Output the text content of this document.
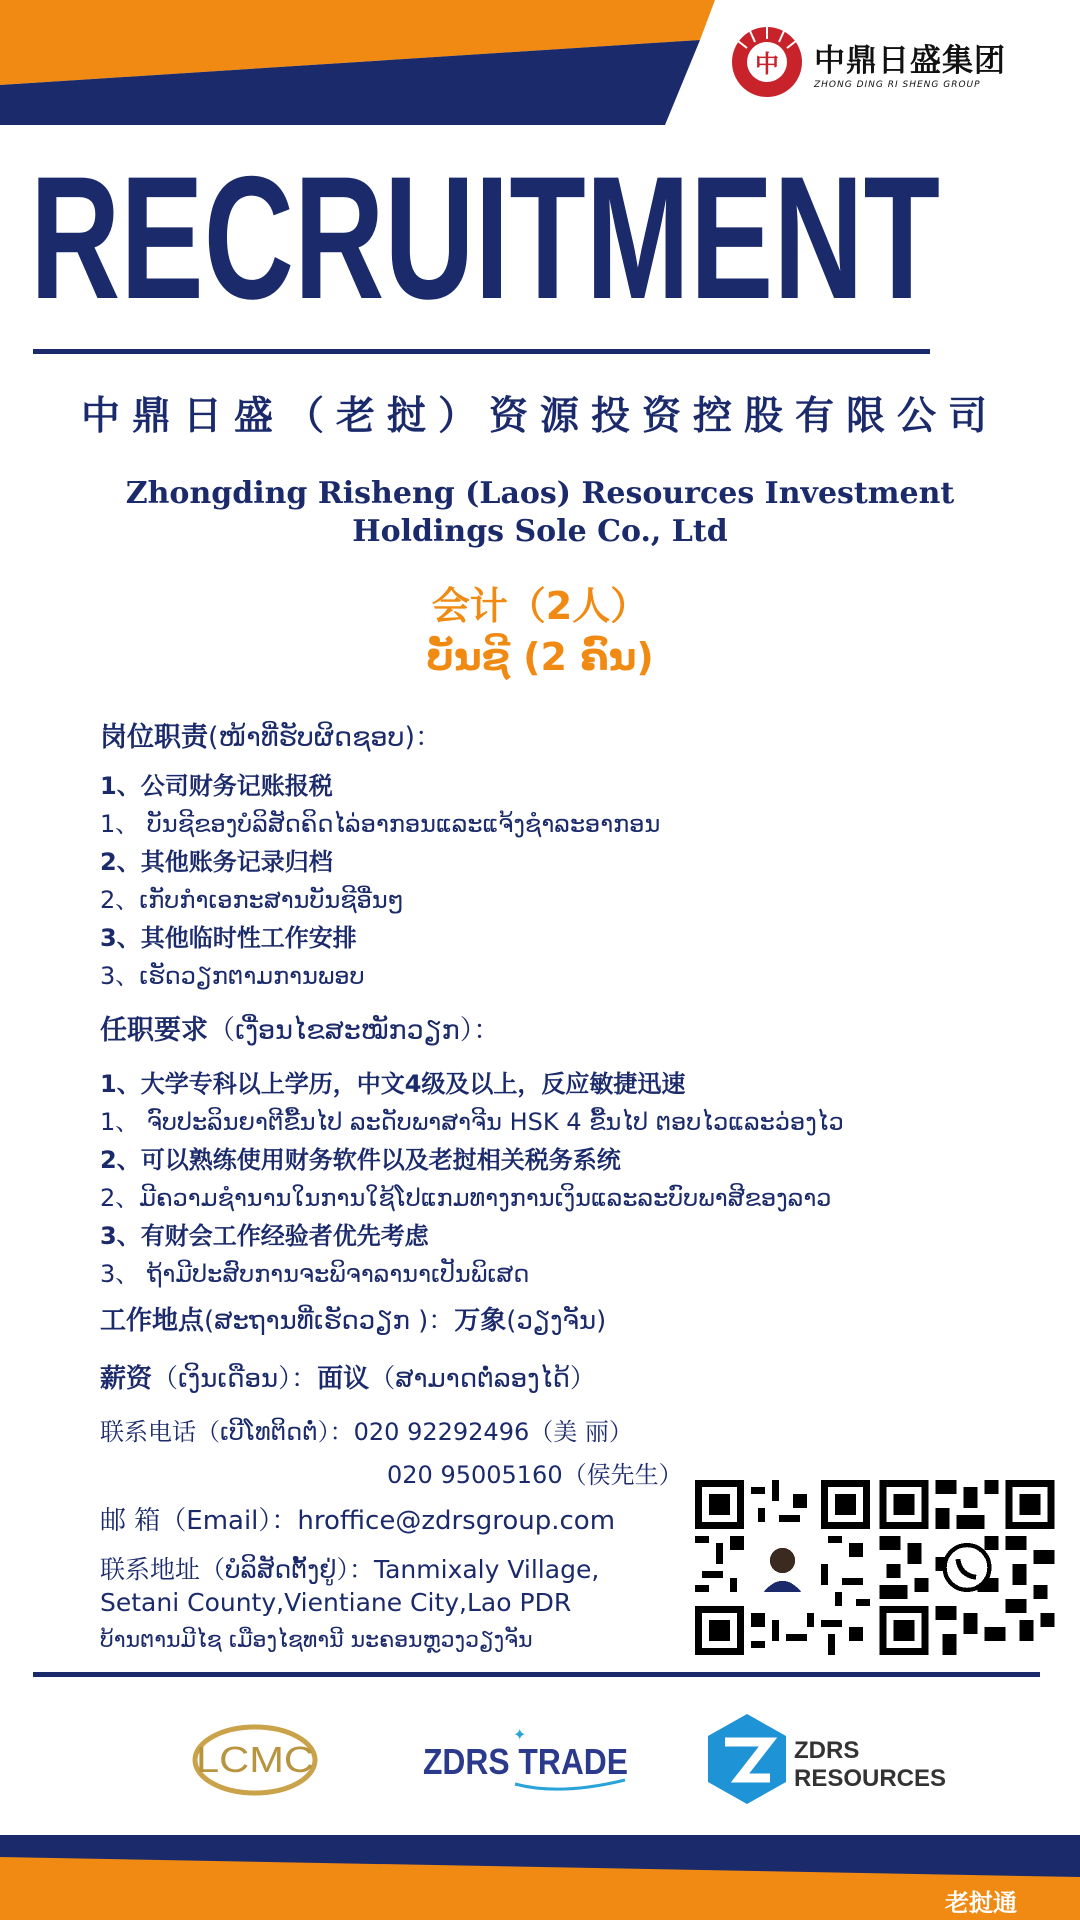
中 中鼎日盛集团
ZHONG DING RI SHENG GROUP
RECRUITMENT
中鼎日盛（老挝）资源投资控股有限公司
Zhongding Risheng (Laos) Resources Investment
Holdings Sole Co., Ltd
会计（2人）
ບັນຊີ (2 ຄົນ)
岗位职责(ໜ້າທີ່ຮັບຜິດຊອບ)：
1、公司财务记账报税
1、 ບັນຊີຂອງບໍລິສັດຄິດໄລ່ອາກອນແລະແຈ້ງຊຳລະອາກອນ
2、其他账务记录归档
2、ເກັບກຳເອກະສານບັນຊີອື່ນໆ
3、其他临时性工作安排
3、ເຮັດວຽກຕາມການພອບ
任职要求（ເງື່ອນໄຂສະໝັກວຽກ）：
1、大学专科以上学历，中文4级及以上，反应敏捷迅速
1、 ຈົບປະລິນຍາຕີຂື້ນໄປ ລະດັບພາສາຈີນ HSK 4 ຂື້ນໄປ ຕອບໄວແລະວ່ອງໄວ
2、可以熟练使用财务软件以及老挝相关税务系统
2、ມີຄວາມຊຳນານໃນການໃຊ້ໂປແກມທາງການເງິນແລະລະບົບພາສີຂອງລາວ
3、有财会工作经验者优先考虑
3、 ຖ້າມີປະສົບການຈະພິຈາລານາເປັນພິເສດ
工作地点(ສະຖານທີ່ເຮັດວຽກ )：万象(ວຽງຈັນ)
薪资（ເງິນເດືອນ）：面议（ສາມາດຕໍ່ລອງໄດ້）
联系电话（ເບີໂທຕິດຕໍ່）：020 92292496（美 丽）
020 95005160（侯先生）
邮 箱（Email）：hroffice@zdrsgroup.com
联系地址（ບໍລິສັດຕັ້ງຢູ່）：Tanmixaly Village,
Setani County,Vientiane City,Lao PDR
ບ້ານຕານມີໄຊ ເມືອງໄຊທານີ ນະຄອນຫຼວງວຽງຈັນ
LCMC	ZDRS TRADE
✦
ZDRS
RESOURCES
老挝通
